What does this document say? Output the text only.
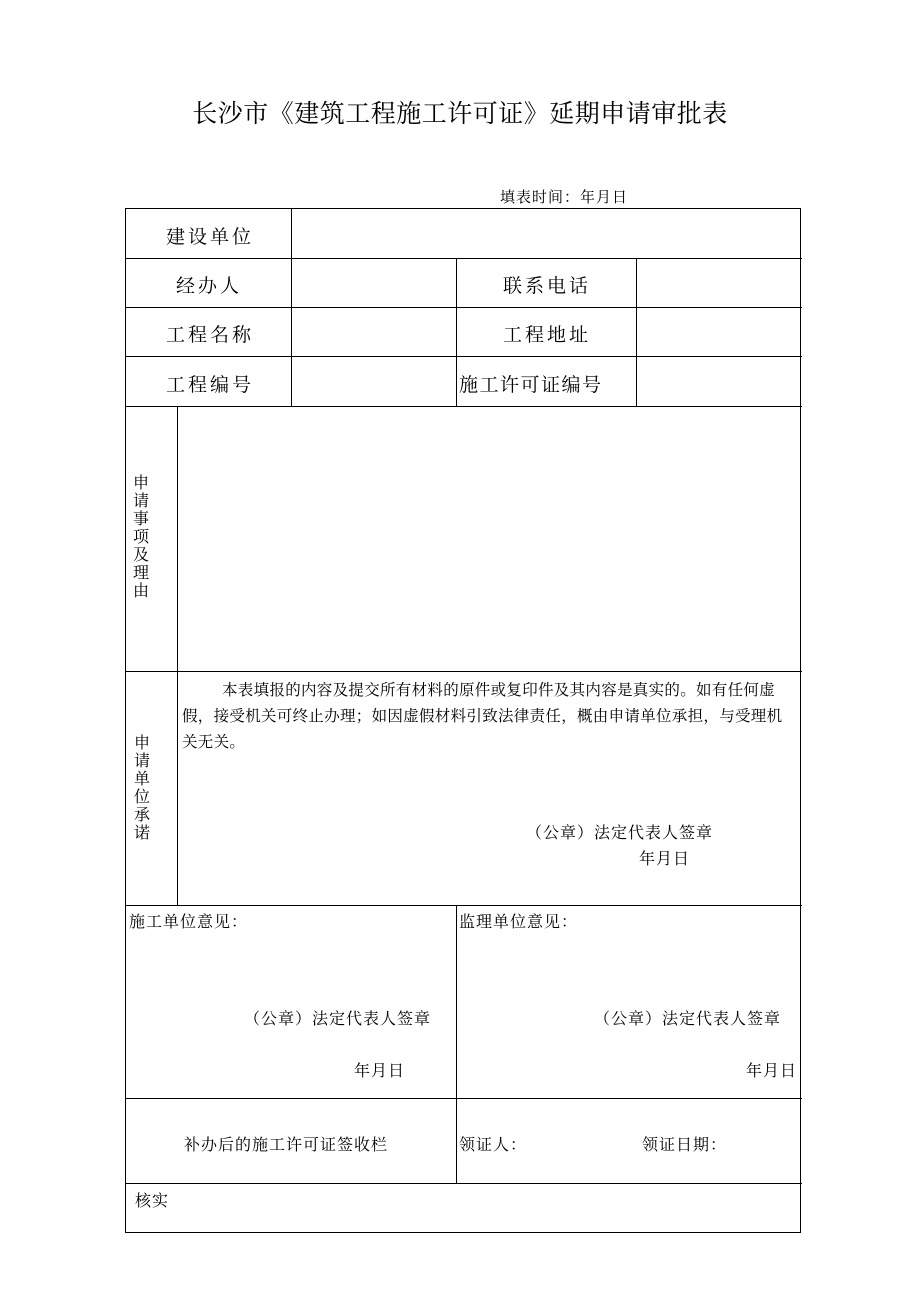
长沙市《建筑工程施工许可证》延期申请审批表
填表时间：年月日
建设单位
经办人	联系电话
工程名称	工程地址
工程编号	施工许可证编号
申
请
事
项
及
理
由
申
请
单
位
承
诺
本表填报的内容及提交所有材料的原件或复印件及其内容是真实的。如有任何虚假，接受机关可终止办理；如因虚假材料引致法律责任，概由申请单位承担，与受理机关无关。
（公章）法定代表人签章
年月日
施工单位意见：
（公章）法定代表人签章
年月日
监理单位意见：
（公章）法定代表人签章
年月日
补办后的施工许可证签收栏	领证人：	领证日期：
核实
